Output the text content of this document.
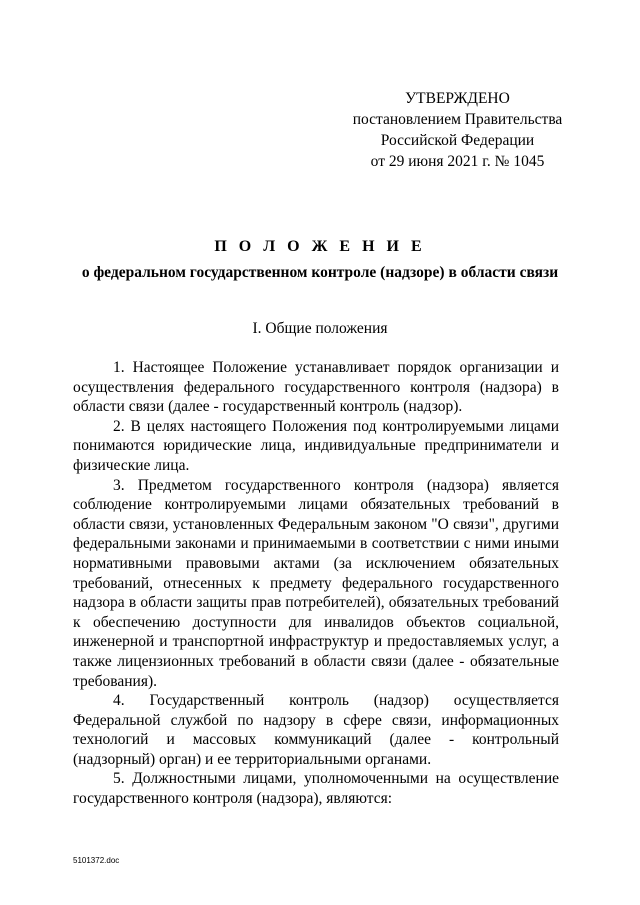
УТВЕРЖДЕНО
постановлением Правительства
Российской Федерации
от 29 июня 2021 г. № 1045
П О Л О Ж Е Н И Е
о федеральном государственном контроле (надзоре) в области связи
I. Общие положения

1. Настоящее Положение устанавливает порядок организации и осуществления федерального государственного контроля (надзора) в области связи (далее - государственный контроль (надзор).

2. В целях настоящего Положения под контролируемыми лицами понимаются юридические лица, индивидуальные предприниматели и физические лица.

3. Предметом государственного контроля (надзора) является соблюдение контролируемыми лицами обязательных требований в области связи, установленных Федеральным законом "О связи", другими федеральными законами и принимаемыми в соответствии с ними иными нормативными правовыми актами (за исключением обязательных требований, отнесенных к предмету федерального государственного надзора в области защиты прав потребителей), обязательных требований к обеспечению доступности для инвалидов объектов социальной, инженерной и транспортной инфраструктур и предоставляемых услуг, а также лицензионных требований в области связи (далее - обязательные требования).

4. Государственный контроль (надзор) осуществляется Федеральной службой по надзору в сфере связи, информационных технологий и массовых коммуникаций (далее - контрольный (надзорный) орган) и ее территориальными органами.

5. Должностными лицами, уполномоченными на осуществление государственного контроля (надзора), являются:

5101372.doc
